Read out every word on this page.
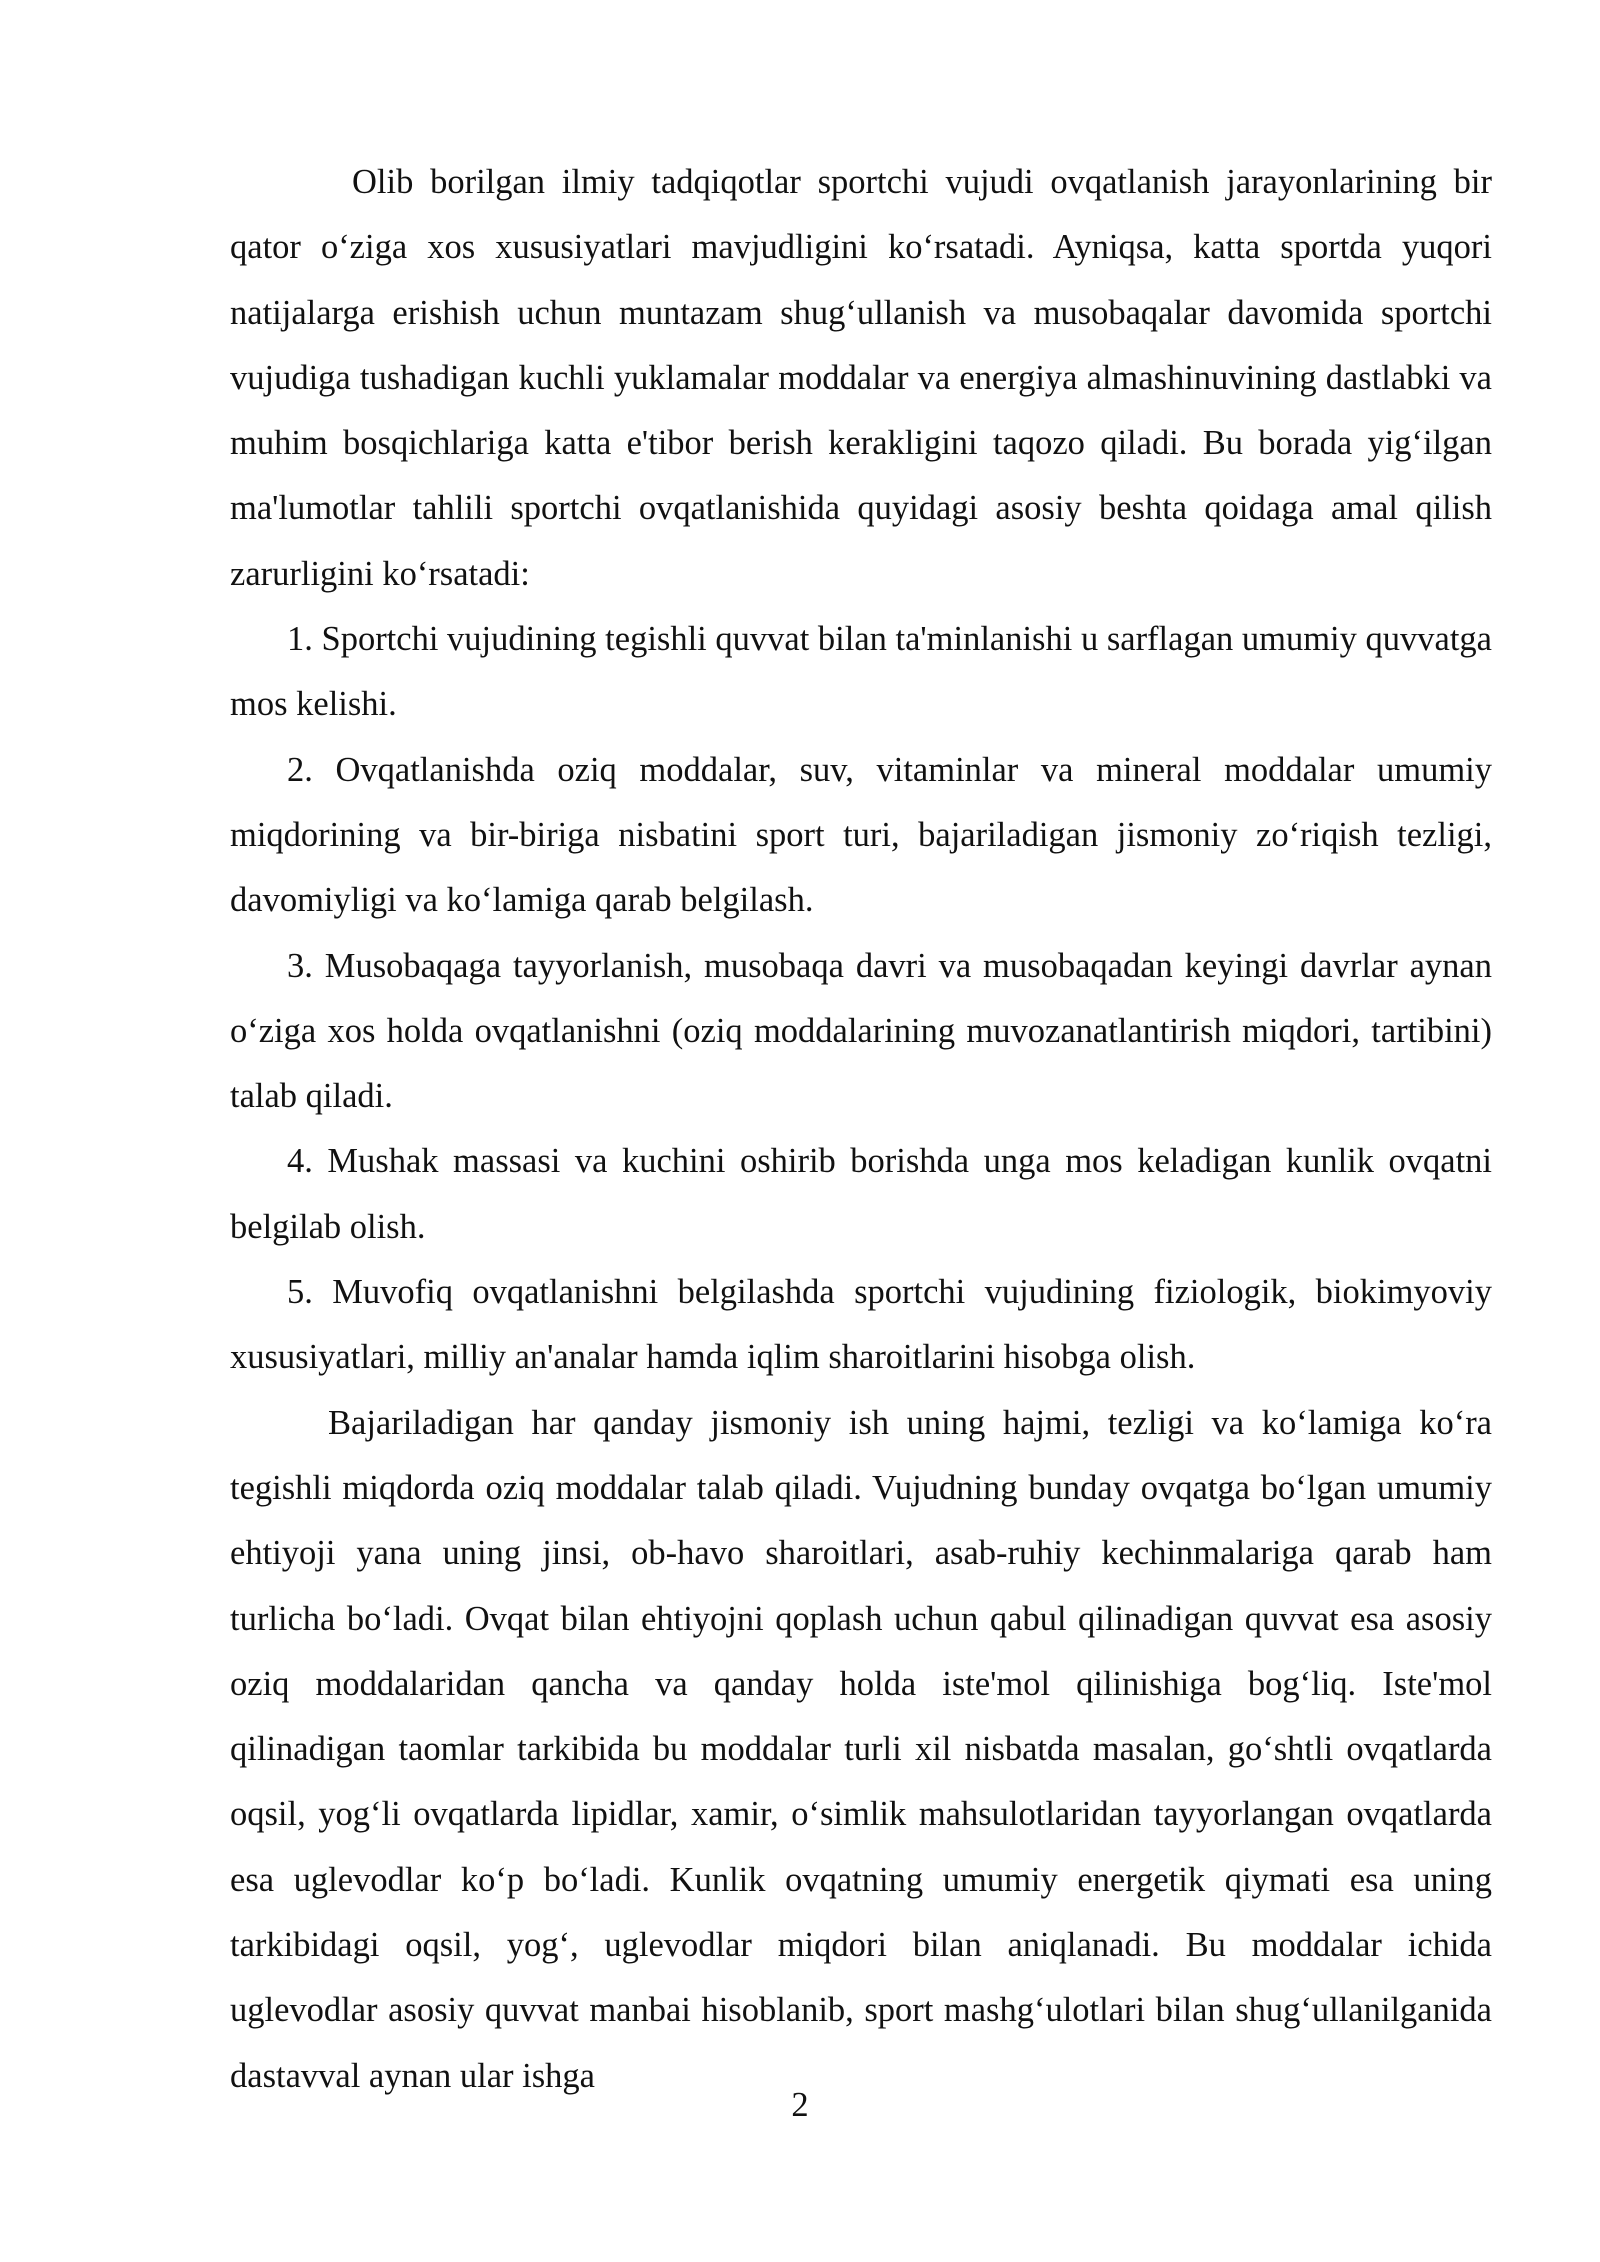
Olib borilgan ilmiy tadqiqotlar sportchi vujudi ovqatlanish jarayonlarining bir qator o‘ziga xos xususiyatlari mavjudligini ko‘rsatadi. Ayniqsa, katta sportda yuqori natijalarga erishish uchun muntazam shug‘ullanish va musobaqalar davomida sportchi vujudiga tushadigan kuchli yuklamalar moddalar va energiya almashinuvining dastlabki va muhim bosqichlariga katta e'tibor berish kerakligini taqozo qiladi. Bu borada yig‘ilgan ma'lumotlar tahlili sportchi ovqatlanishida quyidagi asosiy beshta qoidaga amal qilish zarurligini ko‘rsatadi:

1. Sportchi vujudining tegishli quvvat bilan ta'minlanishi u sarflagan umumiy quvvatga mos kelishi.

2. Ovqatlanishda oziq moddalar, suv, vitaminlar va mineral moddalar umumiy miqdorining va bir-biriga nisbatini sport turi, bajariladigan jismoniy zo‘riqish tezligi, davomiyligi va ko‘lamiga qarab belgilash.

3. Musobaqaga tayyorlanish, musobaqa davri va musobaqadan keyingi davrlar aynan o‘ziga xos holda ovqatlanishni (oziq moddalarining muvozanatlantirish miqdori, tartibini) talab qiladi.

4. Mushak massasi va kuchini oshirib borishda unga mos keladigan kunlik ovqatni belgilab olish.

5. Muvofiq ovqatlanishni belgilashda sportchi vujudining fiziologik, biokimyoviy xususiyatlari, milliy an'analar hamda iqlim sharoitlarini hisobga olish.

Bajariladigan har qanday jismoniy ish uning hajmi, tezligi va ko‘lamiga ko‘ra tegishli miqdorda oziq moddalar talab qiladi. Vujudning bunday ovqatga bo‘lgan umumiy ehtiyoji yana uning jinsi, ob-havo sharoitlari, asab-ruhiy kechinmalariga qarab ham turlicha bo‘ladi. Ovqat bilan ehtiyojni qoplash uchun qabul qilinadigan quvvat esa asosiy oziq moddalaridan qancha va qanday holda iste'mol qilinishiga bog‘liq. Iste'mol qilinadigan taomlar tarkibida bu moddalar turli xil nisbatda masalan, go‘shtli ovqatlarda oqsil, yog‘li ovqatlarda lipidlar, xamir, o‘simlik mahsulotlaridan tayyorlangan ovqatlarda esa uglevodlar ko‘p bo‘ladi. Kunlik ovqatning umumiy energetik qiymati esa uning tarkibidagi oqsil, yog‘, uglevodlar miqdori bilan aniqlanadi. Bu moddalar ichida uglevodlar asosiy quvvat manbai hisoblanib, sport mashg‘ulotlari bilan shug‘ullanilganida dastavval aynan ular ishga

2
